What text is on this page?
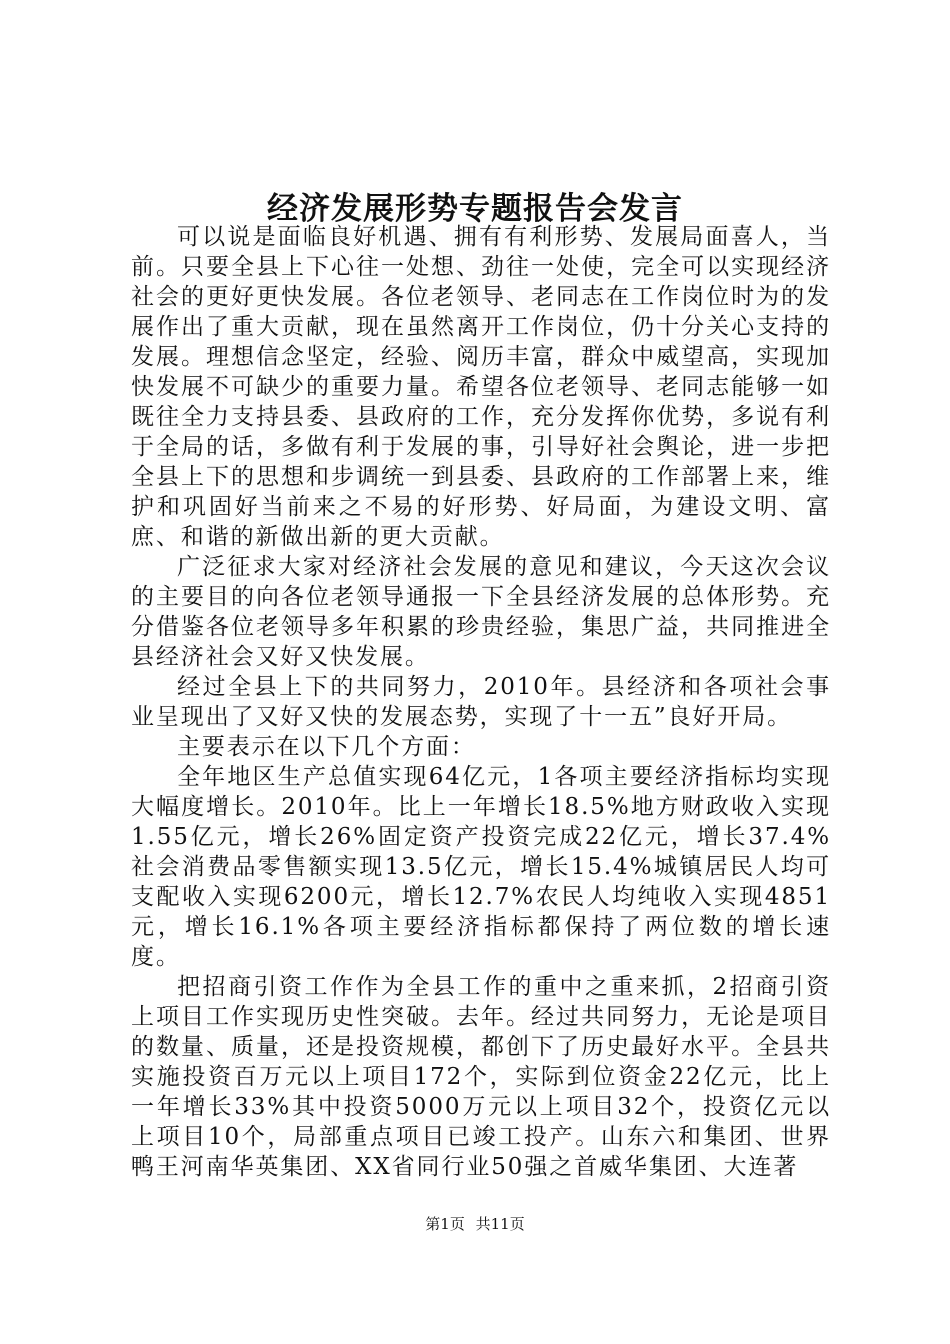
经济发展形势专题报告会发言

可以说是面临良好机遇、拥有有利形势、发展局面喜人，当前。只要全县上下心往一处想、劲往一处使，完全可以实现经济社会的更好更快发展。各位老领导、老同志在工作岗位时为的发展作出了重大贡献，现在虽然离开工作岗位，仍十分关心支持的发展。理想信念坚定，经验、阅历丰富，群众中威望高，实现加快发展不可缺少的重要力量。希望各位老领导、老同志能够一如既往全力支持县委、县政府的工作，充分发挥你优势，多说有利于全局的话，多做有利于发展的事，引导好社会舆论，进一步把全县上下的思想和步调统一到县委、县政府的工作部署上来，维护和巩固好当前来之不易的好形势、好局面，为建设文明、富庶、和谐的新做出新的更大贡献。

广泛征求大家对经济社会发展的意见和建议，今天这次会议的主要目的向各位老领导通报一下全县经济发展的总体形势。充分借鉴各位老领导多年积累的珍贵经验，集思广益，共同推进全县经济社会又好又快发展。

经过全县上下的共同努力，2010年。县经济和各项社会事业呈现出了又好又快的发展态势，实现了十一五”良好开局。

主要表示在以下几个方面：

全年地区生产总值实现64亿元，1各项主要经济指标均实现大幅度增长。2010年。比上一年增长18.5%地方财政收入实现1.55亿元，增长26%固定资产投资完成22亿元，增长37.4%社会消费品零售额实现13.5亿元，增长15.4%城镇居民人均可支配收入实现6200元，增长12.7%农民人均纯收入实现4851元，增长16.1%各项主要经济指标都保持了两位数的增长速度。

把招商引资工作作为全县工作的重中之重来抓，2招商引资上项目工作实现历史性突破。去年。经过共同努力，无论是项目的数量、质量，还是投资规模，都创下了历史最好水平。全县共实施投资百万元以上项目172个，实际到位资金22亿元，比上一年增长33%其中投资5000万元以上项目32个，投资亿元以上项目10个，局部重点项目已竣工投产。山东六和集团、世界鸭王河南华英集团、XX省同行业50强之首威华集团、大连著

第1页 共11页
